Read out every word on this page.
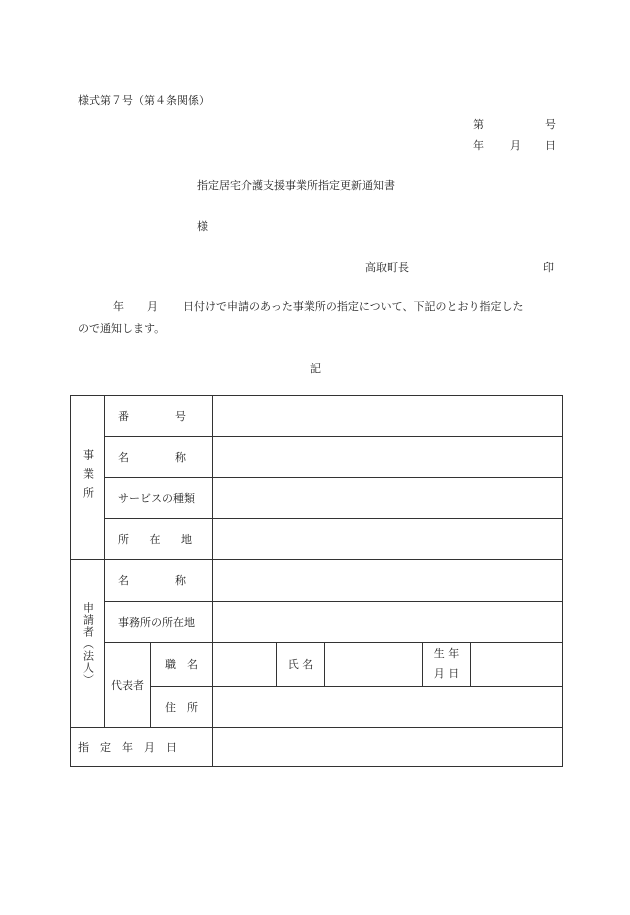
様式第７号（第４条関係）
第	号
年 月 日
指定居宅介護支援事業所指定更新通知書
様
高取町長	印
年 月 日付けで申請のあった事業所の指定について、下記のとおり指定した
ので通知します。
記
事業所	番 号						

	名 称						

	サービスの種類						

	所 在 地						

申請者（法人）	名 称						

	事務所の所在地						
	代表者	職　名		氏 名		生 年
月 日	

		住　所					
指　定　年　月　日							
